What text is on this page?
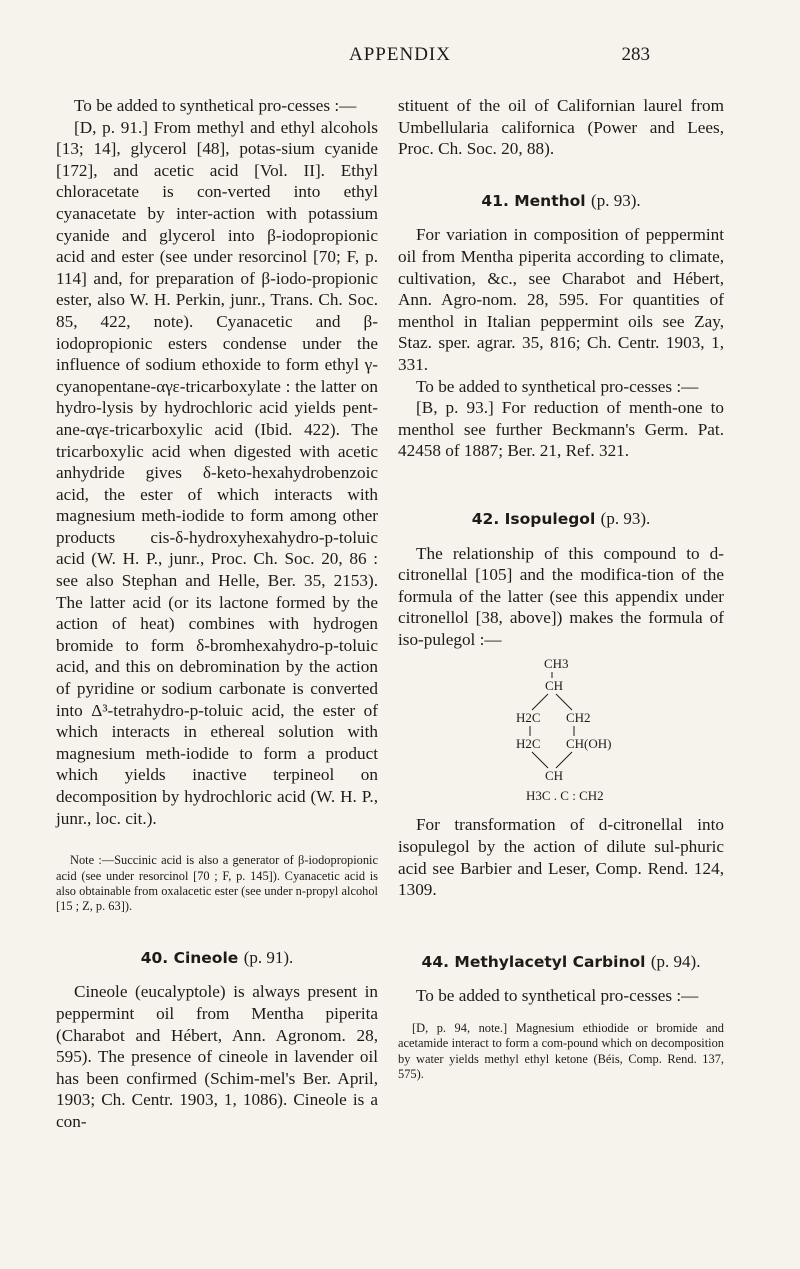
APPENDIX	283

To be added to synthetical pro-cesses :—

[D, p. 91.] From methyl and ethyl alcohols [13; 14], glycerol [48], potas-sium cyanide [172], and acetic acid [Vol. II]. Ethyl chloracetate is con-verted into ethyl cyanacetate by inter-action with potassium cyanide and glycerol into β-iodopropionic acid and ester (see under resorcinol [70; F, p. 114] and, for preparation of β-iodo-propionic ester, also W. H. Perkin, junr., Trans. Ch. Soc. 85, 422, note). Cyanacetic and β-iodopropionic esters condense under the influence of sodium ethoxide to form ethyl γ-cyanopentane-αγε-tricarboxylate : the latter on hydro-lysis by hydrochloric acid yields pent-ane-αγε-tricarboxylic acid (Ibid. 422). The tricarboxylic acid when digested with acetic anhydride gives δ-keto-hexahydrobenzoic acid, the ester of which interacts with magnesium meth-iodide to form among other products cis-δ-hydroxyhexahydro-p-toluic acid (W. H. P., junr., Proc. Ch. Soc. 20, 86 : see also Stephan and Helle, Ber. 35, 2153). The latter acid (or its lactone formed by the action of heat) combines with hydrogen bromide to form δ-bromhexahydro-p-toluic acid, and this on debromination by the action of pyridine or sodium carbonate is converted into Δ³-tetrahydro-p-toluic acid, the ester of which interacts in ethereal solution with magnesium meth-iodide to form a product which yields inactive terpineol on decomposition by hydrochloric acid (W. H. P., junr., loc. cit.).

Note :—Succinic acid is also a generator of β-iodopropionic acid (see under resorcinol [70 ; F, p. 145]). Cyanacetic acid is also obtainable from oxalacetic ester (see under n-propyl alcohol [15 ; Z, p. 63]).

40. Cineole (p. 91).

Cineole (eucalyptole) is always present in peppermint oil from Mentha piperita (Charabot and Hébert, Ann. Agronom. 28, 595). The presence of cineole in lavender oil has been confirmed (Schim-mel's Ber. April, 1903; Ch. Centr. 1903, 1, 1086). Cineole is a con-

stituent of the oil of Californian laurel from Umbellularia californica (Power and Lees, Proc. Ch. Soc. 20, 88).

41. Menthol (p. 93).

For variation in composition of peppermint oil from Mentha piperita according to climate, cultivation, &c., see Charabot and Hébert, Ann. Agro-nom. 28, 595. For quantities of menthol in Italian peppermint oils see Zay, Staz. sper. agrar. 35, 816; Ch. Centr. 1903, 1, 331.

To be added to synthetical pro-cesses :—

[B, p. 93.] For reduction of menth-one to menthol see further Beckmann's Germ. Pat. 42458 of 1887; Ber. 21, Ref. 321.

42. Isopulegol (p. 93).

The relationship of this compound to d-citronellal [105] and the modifica-tion of the formula of the latter (see this appendix under citronellol [38, above]) makes the formula of iso-pulegol :—

CH3
CH
H2C CH2
H2C CH(OH)
CH
H3C . C : CH2

For transformation of d-citronellal into isopulegol by the action of dilute sul-phuric acid see Barbier and Leser, Comp. Rend. 124, 1309.

44. Methylacetyl Carbinol (p. 94).

To be added to synthetical pro-cesses :—

[D, p. 94, note.] Magnesium ethiodide or bromide and acetamide interact to form a com-pound which on decomposition by water yields methyl ethyl ketone (Béis, Comp. Rend. 137, 575).
